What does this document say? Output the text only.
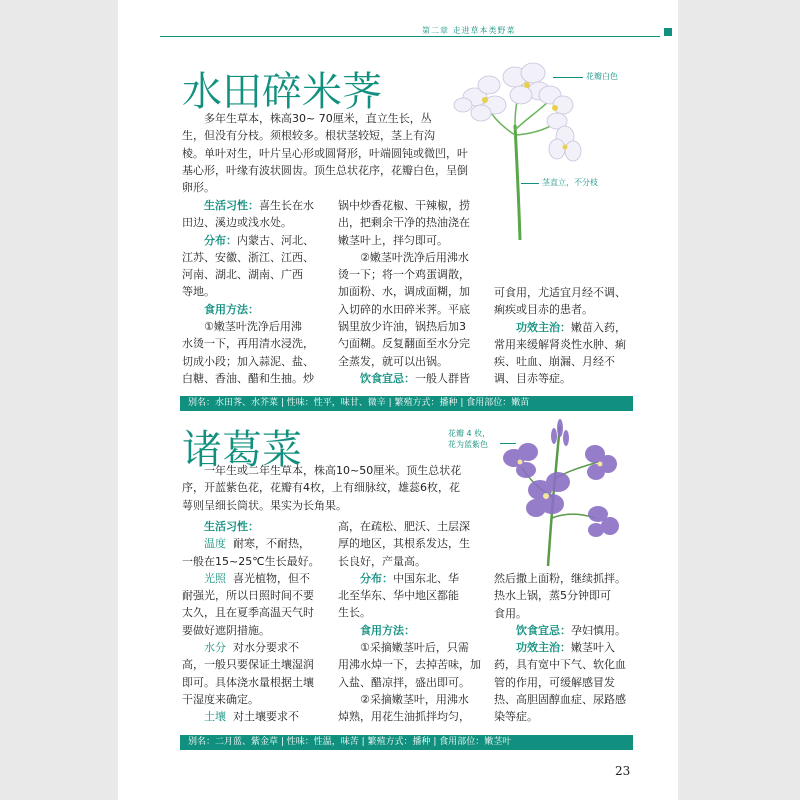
第二章 走进草本类野菜
水田碎米荠
多年生草本，株高30~ 70厘米，直立生长，丛
生，但没有分枝。须根较多。根状茎较短，茎上有沟
棱。单叶对生，叶片呈心形或圆肾形，叶端圆钝或微凹，叶
基心形，叶缘有波状圆齿。顶生总状花序，花瓣白色，呈倒
卵形。
花瓣白色
茎直立，不分枝
生活习性：喜生长在水
田边、溪边或浅水处。
分布：内蒙古、河北、
江苏、安徽、浙江、江西、
河南、湖北、湖南、广西
等地。
食用方法：
①嫩茎叶洗净后用沸
水烫一下，再用清水浸洗，
切成小段；加入蒜泥、盐、
白糖、香油、醋和生抽。炒
锅中炒香花椒、干辣椒，捞
出，把剩余干净的热油浇在
嫩茎叶上，拌匀即可。
②嫩茎叶洗净后用沸水
烫一下；将一个鸡蛋调散，
加面粉、水，调成面糊，加
入切碎的水田碎米荠。平底
锅里放少许油，锅热后加3
勺面糊。反复翻面至水分完
全蒸发，就可以出锅。
饮食宜忌：一般人群皆
可食用，尤适宜月经不调、
痢疾或目赤的患者。
功效主治：嫩苗入药，
常用来缓解肾炎性水肿、痢
疾、吐血、崩漏、月经不
调、目赤等症。
别名：水田荠、水芥菜 | 性味：性平，味甘、微辛 | 繁殖方式：播种 | 食用部位：嫩苗
诸葛菜
一年生或二年生草本，株高10~50厘米。顶生总状花
序，开蓝紫色花，花瓣有4枚，上有细脉纹，雄蕊6枚，花
萼则呈细长筒状。果实为长角果。
花瓣 4 枚，
花为蓝紫色
生活习性：
温度 耐寒，不耐热，
一般在15~25℃生长最好。
光照 喜光植物，但不
耐强光，所以日照时间不要
太久，且在夏季高温天气时
要做好遮阴措施。
水分 对水分要求不
高，一般只要保证土壤湿润
即可。具体浇水量根据土壤
干湿度来确定。
土壤 对土壤要求不
高，在疏松、肥沃、土层深
厚的地区，其根系发达，生
长良好，产量高。
分布：中国东北、华
北至华东、华中地区都能
生长。
食用方法：
①采摘嫩茎叶后，只需
用沸水焯一下，去掉苦味，加
入盐、醋凉拌，盛出即可。
②采摘嫩茎叶，用沸水
焯熟，用花生油抓拌均匀，
然后撒上面粉，继续抓拌。
热水上锅，蒸5分钟即可
食用。
饮食宜忌：孕妇慎用。
功效主治：嫩茎叶入
药，具有宽中下气、软化血
管的作用，可缓解感冒发
热、高胆固醇血症、尿路感
染等症。
别名：二月蓝、紫金草 | 性味：性温，味苦 | 繁殖方式：播种 | 食用部位：嫩茎叶
23
